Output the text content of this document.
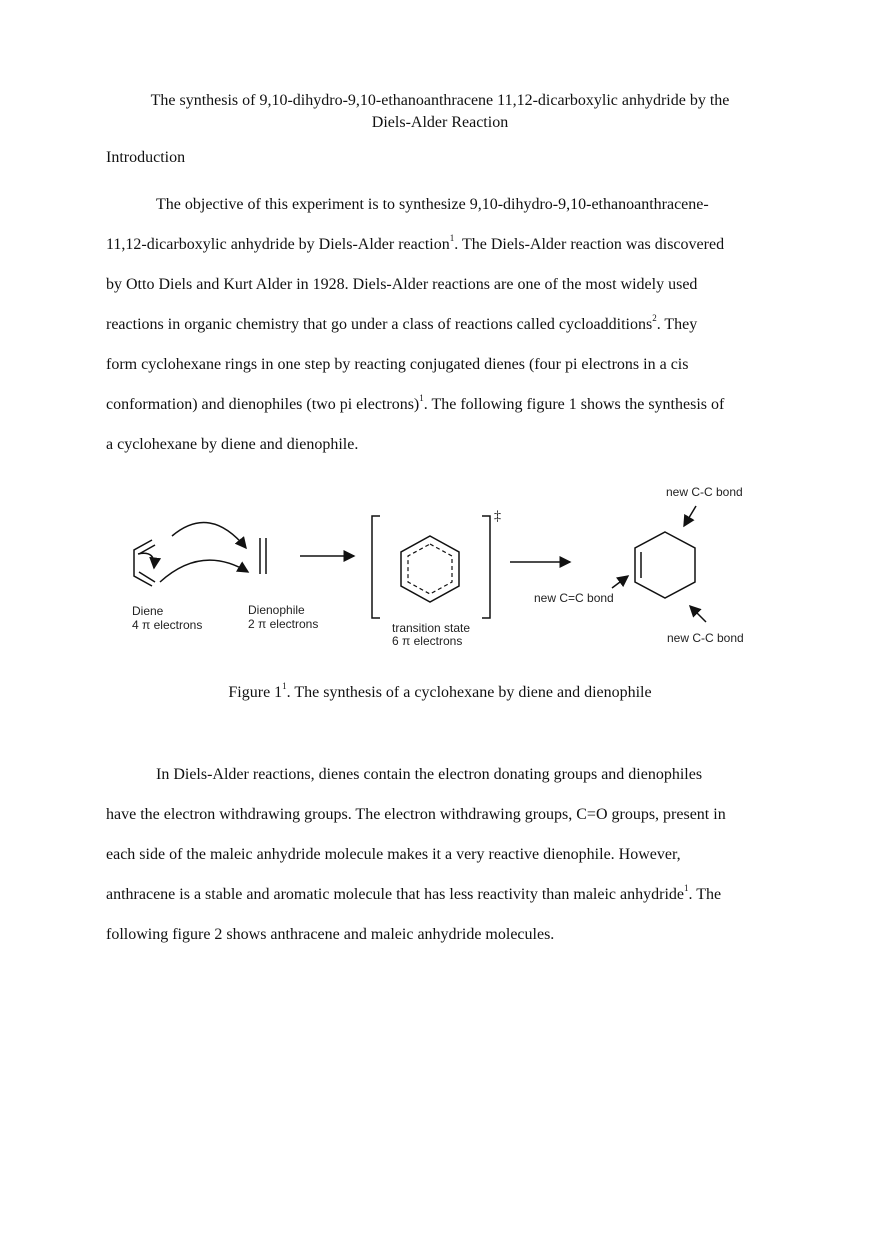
The synthesis of 9,10-dihydro-9,10-ethanoanthracene 11,12-dicarboxylic anhydride by the
Diels-Alder Reaction
Introduction
The objective of this experiment is to synthesize 9,10-dihydro-9,10-ethanoanthracene-
11,12-dicarboxylic anhydride by Diels-Alder reaction$^1$. The Diels-Alder reaction was discovered
by Otto Diels and Kurt Alder in 1928. Diels-Alder reactions are one of the most widely used
reactions in organic chemistry that go under a class of reactions called cycloadditions$^2$. They
form cyclohexane rings in one step by reacting conjugated dienes (four pi electrons in a cis
conformation) and dienophiles (two pi electrons)$^1$. The following figure 1 shows the synthesis of
a cyclohexane by diene and dienophile.
‡
Diene
4 π electrons
Dienophile
2 π electrons	transition state
6 π electrons
new C-C bond
new C=C bond
new C-C bond
Figure $1^1$. The synthesis of a cyclohexane by diene and dienophile
In Diels-Alder reactions, dienes contain the electron donating groups and dienophiles
have the electron withdrawing groups. The electron withdrawing groups, C=O groups, present in
each side of the maleic anhydride molecule makes it a very reactive dienophile. However,
anthracene is a stable and aromatic molecule that has less reactivity than maleic anhydride$^1$. The
following figure 2 shows anthracene and maleic anhydride molecules.
